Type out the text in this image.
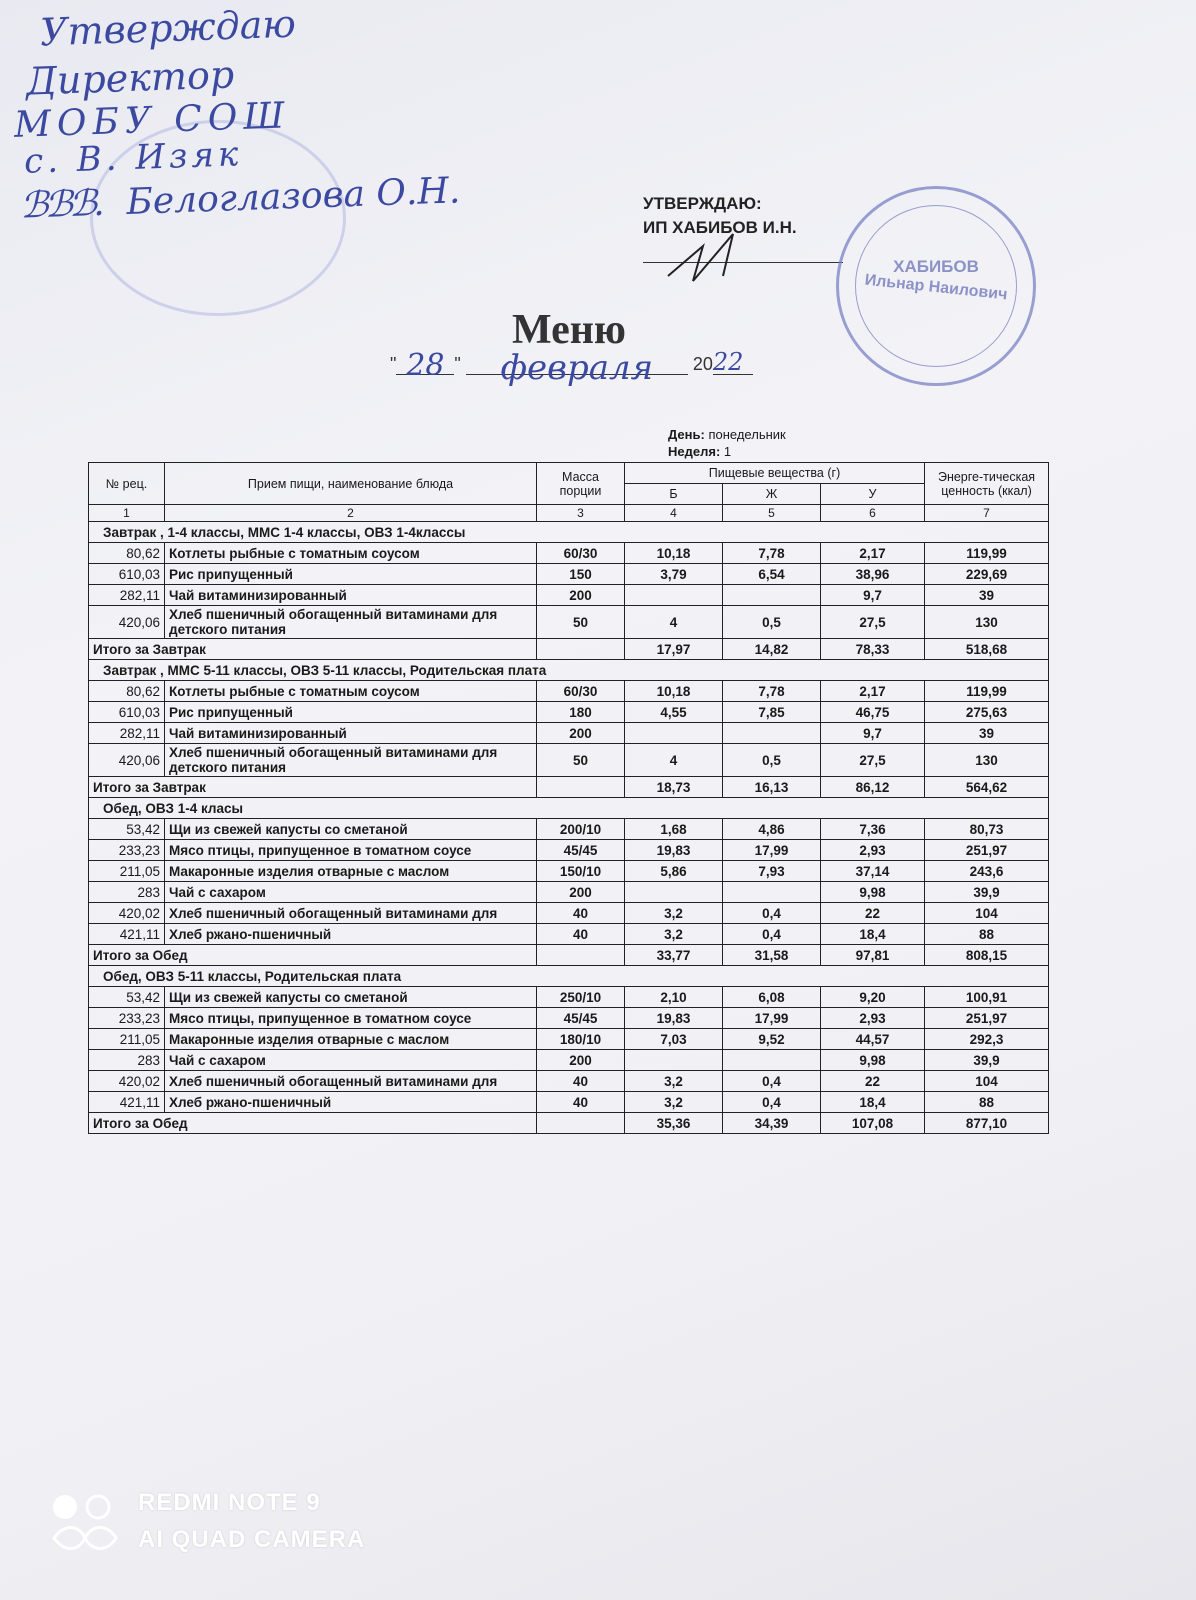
Утверждаю
Директор
МОБУ СОШ
с. В. Изяк
ℬℬℬ. Белоглазова О.Н.	УТВЕРЖДАЮ:
ИП ХАБИБОВ И.Н.
ХАБИБОВ
Ильнар Наилович
Меню
" 28 " февраля 2022
День: понедельник
Неделя: 1
№ рец.	Прием пищи, наименование блюда	Масса порции	Пищевые вещества (г)			Энерге-тическая ценность (ккал)
			Б	Ж	У	
1	2	3	4	5	6	7
Завтрак , 1-4 классы, ММС 1-4 классы, ОВЗ 1-4классы						
80,62	Котлеты рыбные с томатным соусом	60/30	10,18	7,78	2,17	119,99
610,03	Рис припущенный	150	3,79	6,54	38,96	229,69
282,11	Чай витаминизированный	200			9,7	39
420,06	Хлеб пшеничный обогащенный витаминами для детского питания	50	4	0,5	27,5	130
Итого за Завтрак			17,97	14,82	78,33	518,68
Завтрак , ММС 5-11 классы, ОВЗ 5-11 классы, Родительская плата						
80,62	Котлеты рыбные с томатным соусом	60/30	10,18	7,78	2,17	119,99
610,03	Рис припущенный	180	4,55	7,85	46,75	275,63
282,11	Чай витаминизированный	200			9,7	39
420,06	Хлеб пшеничный обогащенный витаминами для детского питания	50	4	0,5	27,5	130
Итого за Завтрак			18,73	16,13	86,12	564,62
Обед, ОВЗ 1-4 класы						
53,42	Щи из свежей капусты со сметаной	200/10	1,68	4,86	7,36	80,73
233,23	Мясо птицы, припущенное в томатном соусе	45/45	19,83	17,99	2,93	251,97
211,05	Макаронные изделия отварные с маслом	150/10	5,86	7,93	37,14	243,6
283	Чай с сахаром	200			9,98	39,9
420,02	Хлеб пшеничный обогащенный витаминами для	40	3,2	0,4	22	104
421,11	Хлеб ржано-пшеничный	40	3,2	0,4	18,4	88
Итого за Обед			33,77	31,58	97,81	808,15
Обед, ОВЗ 5-11 классы, Родительская плата						
53,42	Щи из свежей капусты со сметаной	250/10	2,10	6,08	9,20	100,91
233,23	Мясо птицы, припущенное в томатном соусе	45/45	19,83	17,99	2,93	251,97
211,05	Макаронные изделия отварные с маслом	180/10	7,03	9,52	44,57	292,3
283	Чай с сахаром	200			9,98	39,9
420,02	Хлеб пшеничный обогащенный витаминами для	40	3,2	0,4	22	104
421,11	Хлеб ржано-пшеничный	40	3,2	0,4	18,4	88
Итого за Обед			35,36	34,39	107,08	877,10
REDMI NOTE 9
AI QUAD CAMERA
